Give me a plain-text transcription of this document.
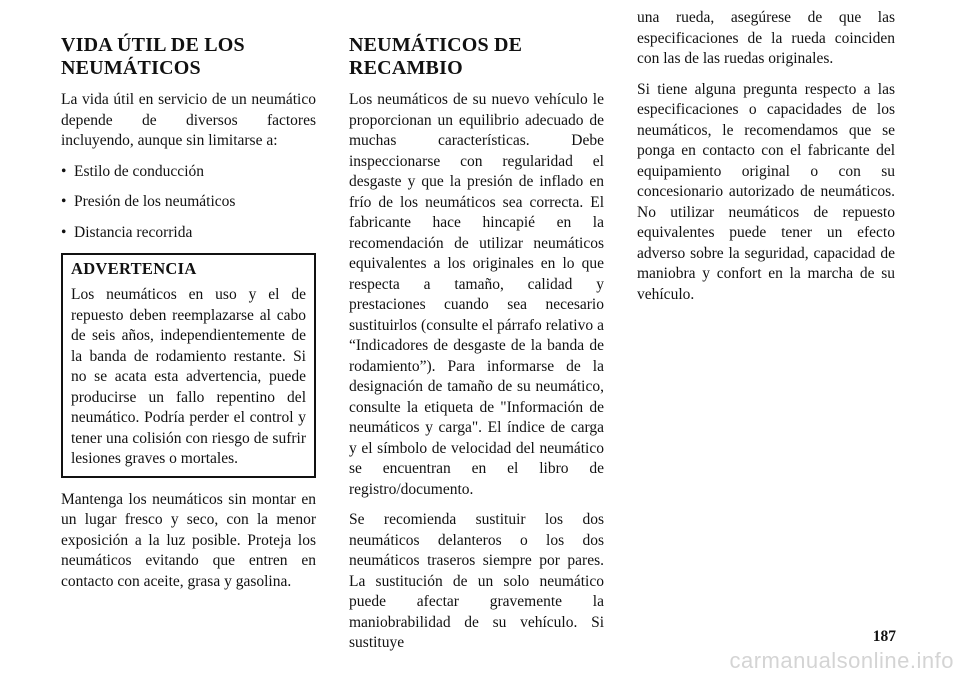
VIDA ÚTIL DE LOS
NEUMÁTICOS

La vida útil en servicio de un neumático depende de diversos factores incluyendo, aunque sin limitarse a:

• Estilo de conducción
• Presión de los neumáticos
• Distancia recorrida
ADVERTENCIA

Los neumáticos en uso y el de repuesto deben reemplazarse al cabo de seis años, independientemente de la banda de rodamiento restante. Si no se acata esta advertencia, puede producirse un fallo repentino del neumático. Podría perder el control y tener una colisión con riesgo de sufrir lesiones graves o mortales.

Mantenga los neumáticos sin montar en un lugar fresco y seco, con la menor exposición a la luz posible. Proteja los neumáticos evitando que entren en contacto con aceite, grasa y gasolina.

NEUMÁTICOS DE
RECAMBIO

Los neumáticos de su nuevo vehículo le proporcionan un equilibrio adecuado de muchas características. Debe inspeccionarse con regularidad el desgaste y que la presión de inflado en frío de los neumáticos sea correcta. El fabricante hace hincapié en la recomendación de utilizar neumáticos equivalentes a los originales en lo que respecta a tamaño, calidad y prestaciones cuando sea necesario sustituirlos (consulte el párrafo relativo a “Indicadores de desgaste de la banda de rodamiento”). Para informarse de la designación de tamaño de su neumático, consulte la etiqueta de "Información de neumáticos y carga". El índice de carga y el símbolo de velocidad del neumático se encuentran en el libro de registro/documento.

Se recomienda sustituir los dos neumáticos delanteros o los dos neumáticos traseros siempre por pares. La sustitución de un solo neumático puede afectar gravemente la maniobrabilidad de su vehículo. Si sustituye

una rueda, asegúrese de que las especificaciones de la rueda coinciden con las de las ruedas originales.

Si tiene alguna pregunta respecto a las especificaciones o capacidades de los neumáticos, le recomendamos que se ponga en contacto con el fabricante del equipamiento original o con su concesionario autorizado de neumáticos. No utilizar neumáticos de repuesto equivalentes puede tener un efecto adverso sobre la seguridad, capacidad de maniobra y confort en la marcha de su vehículo.

187
carmanualsonline.info
